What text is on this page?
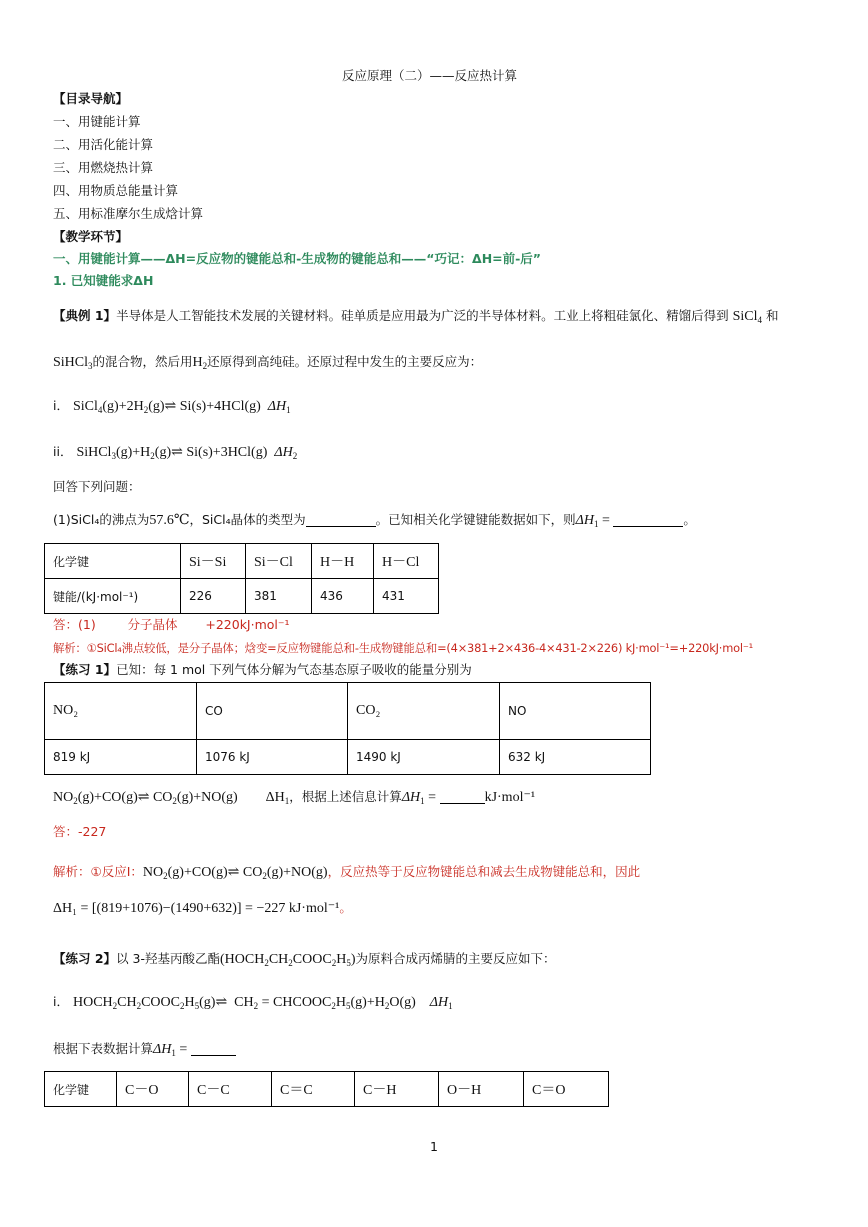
反应原理（二）——反应热计算
【目录导航】
一、用键能计算
二、用活化能计算
三、用燃烧热计算
四、用物质总能量计算
五、用标准摩尔生成焓计算
【教学环节】
一、用键能计算——ΔH=反应物的键能总和-生成物的键能总和——“巧记：ΔH=前-后”
1. 已知键能求ΔH
【典例 1】半导体是人工智能技术发展的关键材料。硅单质是应用最为广泛的半导体材料。工业上将粗硅氯化、精馏后得到 SiCl$_4$ 和
SiHCl$_3$的混合物，然后用$H_2$还原得到高纯硅。还原过程中发生的主要反应为：
i． $SiCl_4(g)+2H_2(g)\rightleftharpoons$ Si(s)+4HCl(g)  $\Delta H_1$
ii． $SiHCl_3(g)+H_2(g)\rightleftharpoons$ Si(s)+3HCl(g)  $\Delta H_2$
回答下列问题：
(1)SiCl₄的沸点为57.6℃，SiCl₄晶体的类型为	。已知相关化学键键能数据如下，则$\Delta H_1$ =	。
化学键	Si－Si	Si－Cl	H－H	H－Cl
键能/(kJ·mol⁻¹)	226	381	436	431
答：(1)	分子晶体 +220kJ·mol⁻¹
解析：①SiCl₄沸点较低，是分子晶体；焓变=反应物键能总和-生成物键能总和=(4×381+2×436-4×431-2×226) kJ·mol⁻¹=+220kJ·mol⁻¹
【练习 1】已知：每 1 mol 下列气体分解为气态基态原子吸收的能量分别为
NO₂	CO	CO₂	NO
819 kJ	1076 kJ	1490 kJ	632 kJ
$NO_2(g)+CO(g)\rightleftharpoons$ $CO_2(g)+NO(g)$        $\Delta H_1$，根据上述信息计算$\Delta H_1$ =	kJ·mol⁻¹
答：-227
解析：①反应Ⅰ：$NO_2(g)+CO(g)\rightleftharpoons$ $CO_2(g)+NO(g)$，反应热等于反应物键能总和减去生成物键能总和，因此
ΔH₁ = [(819+1076)−(1490+632)] = −227 kJ·mol⁻¹。
【练习 2】以 3-羟基丙酸乙酯$(HOCH_2CH_2COOC_2H_5)$为原料合成丙烯腈的主要反应如下：
i． $HOCH_2CH_2COOC_2H_5(g)\rightleftharpoons$  $CH_2$ = $CHCOOC_2H_5(g)+H_2O(g)$    $\Delta H_1$
根据下表数据计算$\Delta H_1$ =
化学键	C－O	C－C	C＝C	C－H	O－H	C＝O
1
